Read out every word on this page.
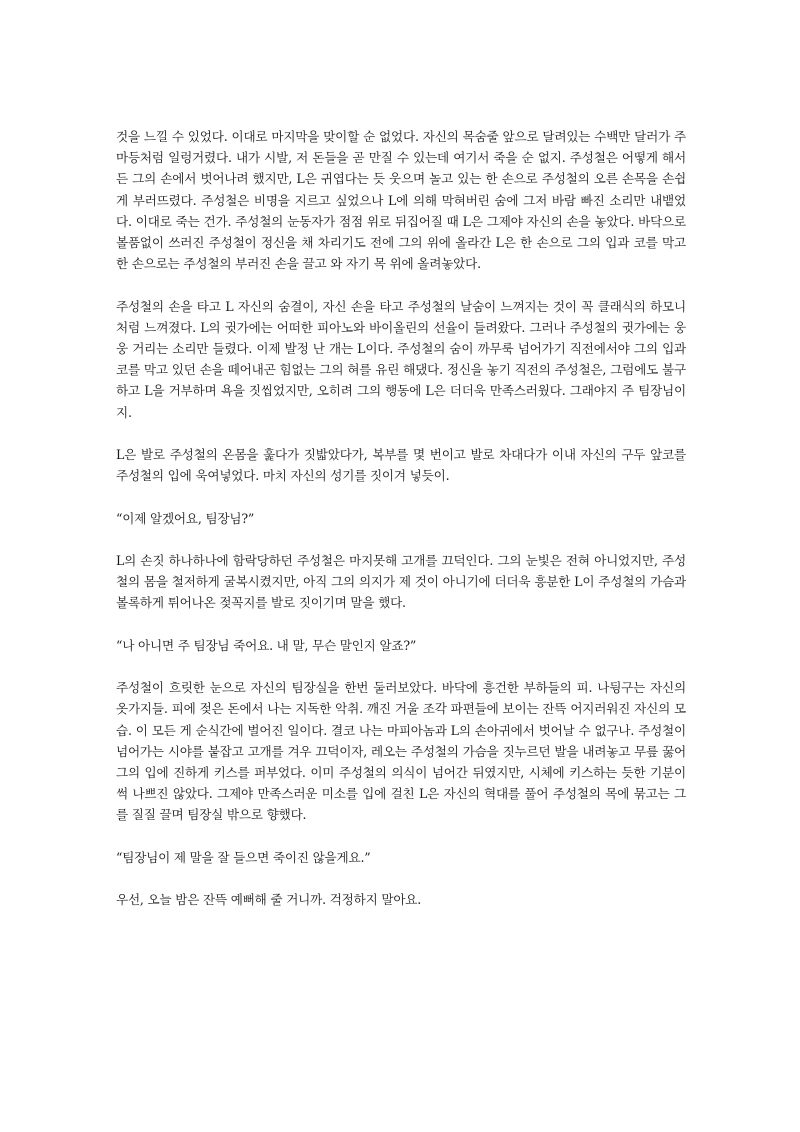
것을 느낄 수 있었다. 이대로 마지막을 맞이할 순 없었다. 자신의 목숨줄 앞으로 달려있는 수백만 달러가 주마등처럼 일렁거렸다. 내가 시발, 저 돈들을 곧 만질 수 있는데 여기서 죽을 순 없지. 주성철은 어떻게 해서든 그의 손에서 벗어나려 했지만, L은 귀엽다는 듯 웃으며 놀고 있는 한 손으로 주성철의 오른 손목을 손쉽게 부러뜨렸다. 주성철은 비명을 지르고 싶었으나 L에 의해 막혀버린 숨에 그저 바람 빠진 소리만 내뱉었다. 이대로 죽는 건가. 주성철의 눈동자가 점점 위로 뒤집어질 때 L은 그제야 자신의 손을 놓았다. 바닥으로 볼품없이 쓰러진 주성철이 정신을 채 차리기도 전에 그의 위에 올라간 L은 한 손으로 그의 입과 코를 막고 한 손으로는 주성철의 부러진 손을 끌고 와 자기 목 위에 올려놓았다.

주성철의 손을 타고 L 자신의 숨결이, 자신 손을 타고 주성철의 날숨이 느껴지는 것이 꼭 클래식의 하모니처럼 느껴졌다. L의 귓가에는 어떠한 피아노와 바이올린의 선율이 들려왔다. 그러나 주성철의 귓가에는 웅웅 거리는 소리만 들렸다. 이제 발정 난 개는 L이다. 주성철의 숨이 까무룩 넘어가기 직전에서야 그의 입과 코를 막고 있던 손을 떼어내곤 힘없는 그의 혀를 유린 해댔다. 정신을 놓기 직전의 주성철은, 그럼에도 불구하고 L을 거부하며 욕을 짓씹었지만, 오히려 그의 행동에 L은 더더욱 만족스러웠다. 그래야지 주 팀장님이지.

L은 발로 주성철의 온몸을 훑다가 짓밟았다가, 복부를 몇 번이고 발로 차대다가 이내 자신의 구두 앞코를 주성철의 입에 욱여넣었다. 마치 자신의 성기를 짓이겨 넣듯이.

“이제 알겠어요, 팀장님?”

L의 손짓 하나하나에 함락당하던 주성철은 마지못해 고개를 끄덕인다. 그의 눈빛은 전혀 아니었지만, 주성철의 몸을 철저하게 굴복시켰지만, 아직 그의 의지가 제 것이 아니기에 더더욱 흥분한 L이 주성철의 가슴과 볼록하게 튀어나온 젖꼭지를 발로 짓이기며 말을 했다.

“나 아니면 주 팀장님 죽어요. 내 말, 무슨 말인지 알죠?”

주성철이 흐릿한 눈으로 자신의 팀장실을 한번 둘러보았다. 바닥에 흥건한 부하들의 피. 나뒹구는 자신의 옷가지들. 피에 젖은 돈에서 나는 지독한 악취. 깨진 거울 조각 파편들에 보이는 잔뜩 어지러워진 자신의 모습. 이 모든 게 순식간에 벌어진 일이다. 결코 나는 마피아놈과 L의 손아귀에서 벗어날 수 없구나. 주성철이 넘어가는 시야를 붙잡고 고개를 겨우 끄덕이자, 레오는 주성철의 가슴을 짓누르던 발을 내려놓고 무릎 꿇어 그의 입에 진하게 키스를 퍼부었다. 이미 주성철의 의식이 넘어간 뒤였지만, 시체에 키스하는 듯한 기분이 썩 나쁘진 않았다. 그제야 만족스러운 미소를 입에 걸친 L은 자신의 혁대를 풀어 주성철의 목에 묶고는 그를 질질 끌며 팀장실 밖으로 향했다.

“팀장님이 제 말을 잘 들으면 죽이진 않을게요.”

우선, 오늘 밤은 잔뜩 예뻐해 줄 거니까. 걱정하지 말아요.
